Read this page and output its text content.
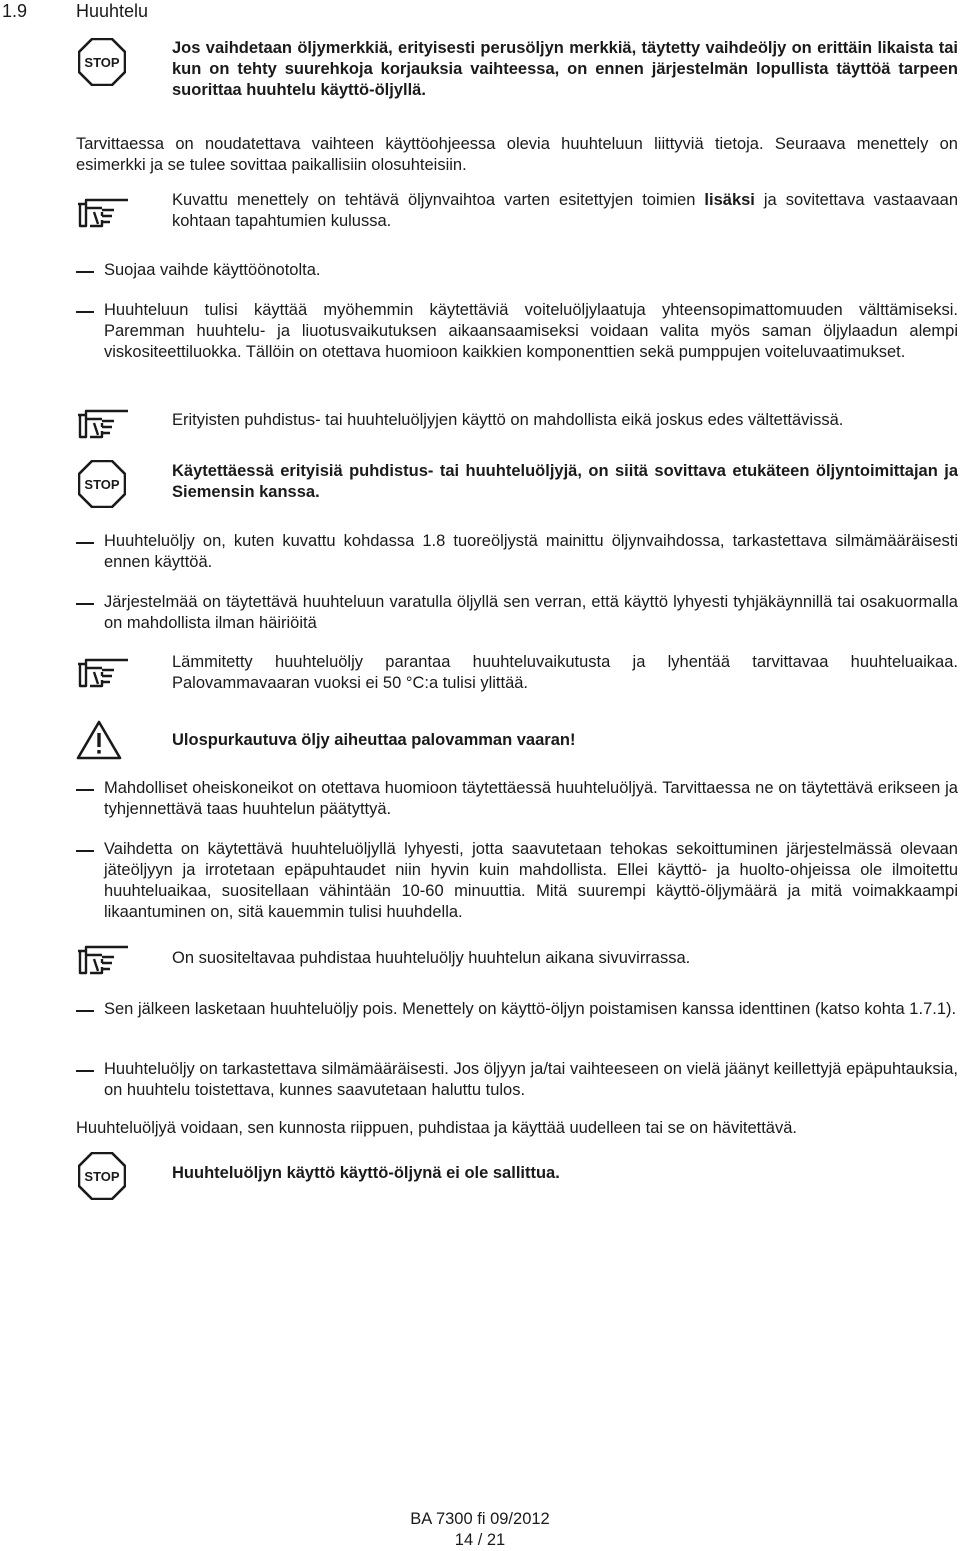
1.9	Huuhtelu
STOP

Jos vaihdetaan öljymerkkiä, erityisesti perusöljyn merkkiä, täytetty vaihdeöljy on erittäin likaista tai kun on tehty suurehkoja korjauksia vaihteessa, on ennen järjestelmän lopullista täyttöä tarpeen suorittaa huuhtelu käyttö-öljyllä.

Tarvittaessa on noudatettava vaihteen käyttöohjeessa olevia huuhteluun liittyviä tietoja. Seuraava menettely on esimerkki ja se tulee sovittaa paikallisiin olosuhteisiin.

Kuvattu menettely on tehtävä öljynvaihtoa varten esitettyjen toimien lisäksi ja sovitettava vastaavaan kohtaan tapahtumien kulussa.

Suojaa vaihde käyttöönotolta.

Huuhteluun tulisi käyttää myöhemmin käytettäviä voiteluöljylaatuja yhteensopimattomuuden välttämiseksi. Paremman huuhtelu- ja liuotusvaikutuksen aikaansaamiseksi voidaan valita myös saman öljylaadun alempi viskositeettiluokka. Tällöin on otettava huomioon kaikkien komponenttien sekä pumppujen voiteluvaatimukset.

Erityisten puhdistus- tai huuhteluöljyjen käyttö on mahdollista eikä joskus edes vältettävissä.

STOP

Käytettäessä erityisiä puhdistus- tai huuhteluöljyjä, on siitä sovittava etukäteen öljyntoimittajan ja Siemensin kanssa.

Huuhteluöljy on, kuten kuvattu kohdassa 1.8 tuoreöljystä mainittu öljynvaihdossa, tarkastettava silmämääräisesti ennen käyttöä.

Järjestelmää on täytettävä huuhteluun varatulla öljyllä sen verran, että käyttö lyhyesti tyhjäkäynnillä tai osakuormalla on mahdollista ilman häiriöitä

Lämmitetty huuhteluöljy parantaa huuhteluvaikutusta ja lyhentää tarvittavaa huuhteluaikaa. Palovammavaaran vuoksi ei 50 °C:a tulisi ylittää.

Ulospurkautuva öljy aiheuttaa palovamman vaaran!

Mahdolliset oheiskoneikot on otettava huomioon täytettäessä huuhteluöljyä. Tarvittaessa ne on täytettävä erikseen ja tyhjennettävä taas huuhtelun päätyttyä.

Vaihdetta on käytettävä huuhteluöljyllä lyhyesti, jotta saavutetaan tehokas sekoittuminen järjestelmässä olevaan jäteöljyyn ja irrotetaan epäpuhtaudet niin hyvin kuin mahdollista. Ellei käyttö- ja huolto-ohjeissa ole ilmoitettu huuhteluaikaa, suositellaan vähintään 10-60 minuuttia. Mitä suurempi käyttö-öljymäärä ja mitä voimakkaampi likaantuminen on, sitä kauemmin tulisi huuhdella.

On suositeltavaa puhdistaa huuhteluöljy huuhtelun aikana sivuvirrassa.

Sen jälkeen lasketaan huuhteluöljy pois. Menettely on käyttö-öljyn poistamisen kanssa identtinen (katso kohta 1.7.1).

Huuhteluöljy on tarkastettava silmämääräisesti. Jos öljyyn ja/tai vaihteeseen on vielä jäänyt keillettyjä epäpuhtauksia, on huuhtelu toistettava, kunnes saavutetaan haluttu tulos.

Huuhteluöljyä voidaan, sen kunnosta riippuen, puhdistaa ja käyttää uudelleen tai se on hävitettävä.

STOP	Huuhteluöljyn käyttö käyttö-öljynä ei ole sallittua.

BA 7300 fi 09/2012
14 / 21
